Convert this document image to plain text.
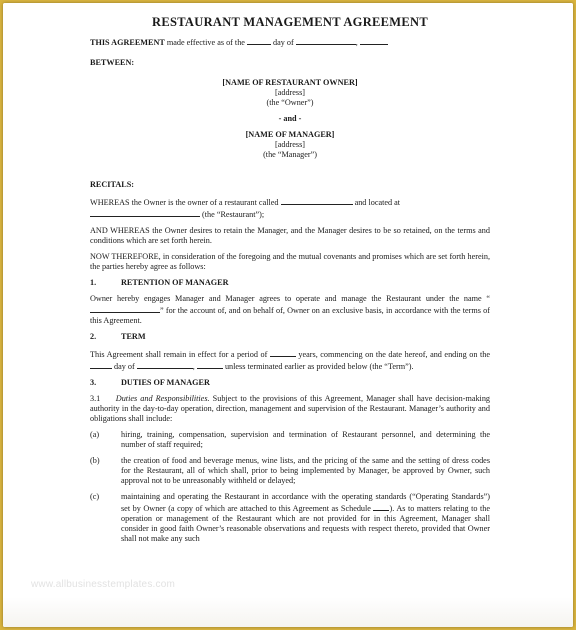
RESTAURANT MANAGEMENT AGREEMENT
THIS AGREEMENT made effective as of the	day of	,
BETWEEN:
[NAME OF RESTAURANT OWNER]
[address]
(the “Owner”)
- and -
[NAME OF MANAGER]
[address]
(the “Manager”)
RECITALS:
WHEREAS the Owner is the owner of a restaurant called	and located at
(the “Restaurant”);
AND WHEREAS the Owner desires to retain the Manager, and the Manager desires to be so retained, on the terms and conditions which are set forth herein.
NOW THEREFORE, in consideration of the foregoing and the mutual covenants and promises which are set forth herein, the parties hereby agree as follows:
1.	RETENTION OF MANAGER
Owner hereby engages Manager and Manager agrees to operate and manage the Restaurant under the name “” for the account of, and on behalf of, Owner on an exclusive basis, in accordance with the terms of this Agreement.
2.	TERM
This Agreement shall remain in effect for a period of	years, commencing on the date hereof, and ending on the  day of	,	unless terminated earlier as provided below (the “Term”).
3.	DUTIES OF MANAGER
3.1 Duties and Responsibilities. Subject to the provisions of this Agreement, Manager shall have decision-making authority in the day-to-day operation, direction, management and supervision of the Restaurant. Manager’s authority and obligations shall include:
(a)	hiring, training, compensation, supervision and termination of Restaurant personnel, and determining the number of staff required;
(b)	the creation of food and beverage menus, wine lists, and the pricing of the same and the setting of dress codes for the Restaurant, all of which shall, prior to being implemented by Manager, be approved by Owner, such approval not to be unreasonably withheld or delayed;
(c)	maintaining and operating the Restaurant in accordance with the operating standards (“Operating Standards”) set by Owner (a copy of which are attached to this Agreement as Schedule ). As to matters relating to the operation or management of the Restaurant which are not provided for in this Agreement, Manager shall consider in good faith Owner’s reasonable observations and requests with respect thereto, provided that Owner shall not make any such
www.allbusinesstemplates.com
